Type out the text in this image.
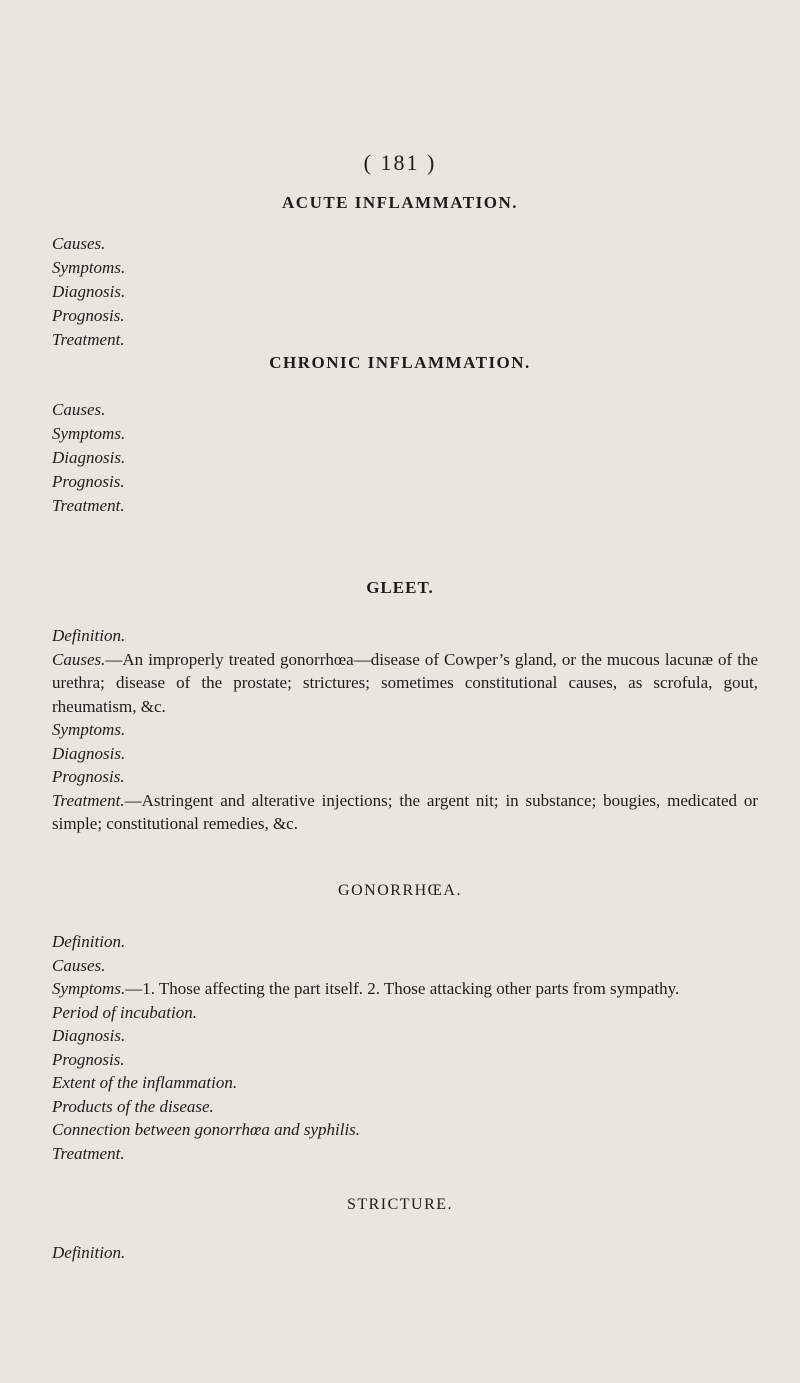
( 181 )
ACUTE INFLAMMATION.
Causes.
Symptoms.
Diagnosis.
Prognosis.
Treatment.
CHRONIC INFLAMMATION.
Causes.
Symptoms.
Diagnosis.
Prognosis.
Treatment.
GLEET.

Definition.

Causes.—An improperly treated gonorrhœa—disease of Cowper’s gland, or the mucous lacunæ of the urethra; disease of the prostate; strictures; sometimes constitutional causes, as scrofula, gout, rheumatism, &c.

Symptoms.

Diagnosis.

Prognosis.

Treatment.—Astringent and alterative injections; the argent nit; in substance; bougies, medicated or simple; constitutional remedies, &c.

GONORRHŒA.

Definition.

Causes.

Symptoms.—1. Those affecting the part itself. 2. Those attacking other parts from sympathy.

Period of incubation.

Diagnosis.

Prognosis.

Extent of the inflammation.

Products of the disease.

Connection between gonorrhœa and syphilis.

Treatment.

STRICTURE.

Definition.
